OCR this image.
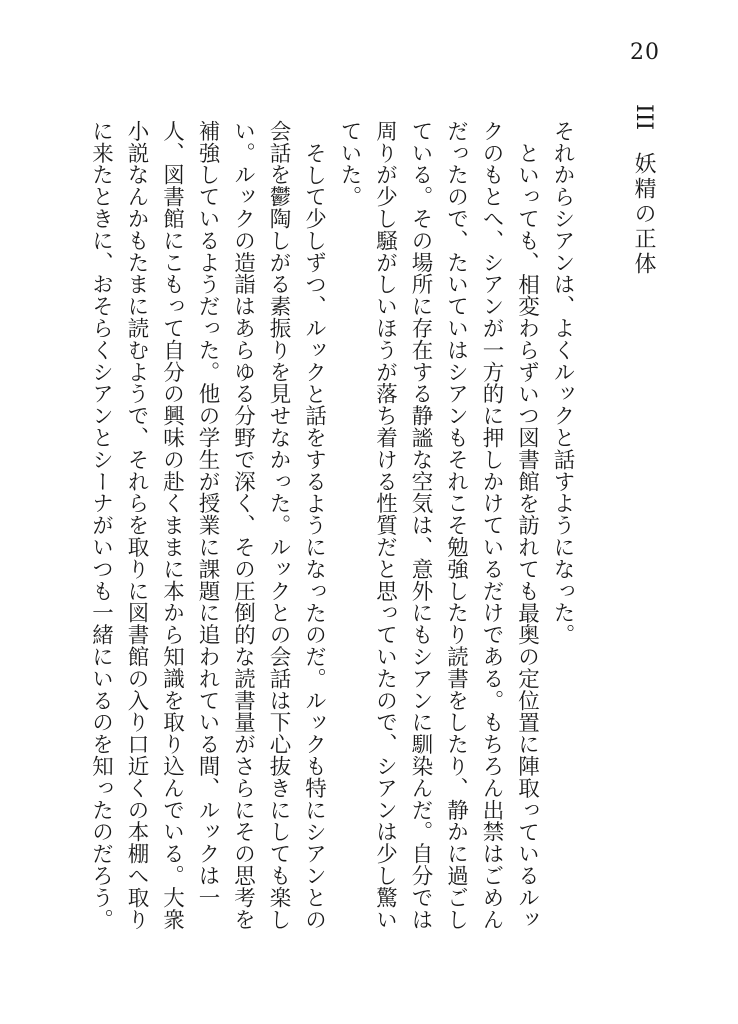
20
III妖精の正体

それからシアンは、よくルックと話すようになった。

といっても、相変わらずいつ図書館を訪れても最奥の定位置に陣取っているルックのもとへ、シアンが一方的に押しかけているだけである。もちろん出禁はごめんだったので、たいていはシアンもそれこそ勉強したり読書をしたり、静かに過ごしている。その場所に存在する静謐な空気は、意外にもシアンに馴染んだ。自分では周りが少し騒がしいほうが落ち着ける性質だと思っていたので、シアンは少し驚いていた。

そして少しずつ、ルックと話をするようになったのだ。ルックも特にシアンとの会話を鬱陶しがる素振りを見せなかった。ルックとの会話は下心抜きにしても楽しい。ルックの造詣はあらゆる分野で深く、その圧倒的な読書量がさらにその思考を補強しているようだった。他の学生が授業に課題に追われている間、ルックは一人、図書館にこもって自分の興味の赴くままに本から知識を取り込んでいる。大衆小説なんかもたまに読むようで、それらを取りに図書館の入り口近くの本棚へ取りに来たときに、おそらくシアンとシーナがいつも一緒にいるのを知ったのだろう。
